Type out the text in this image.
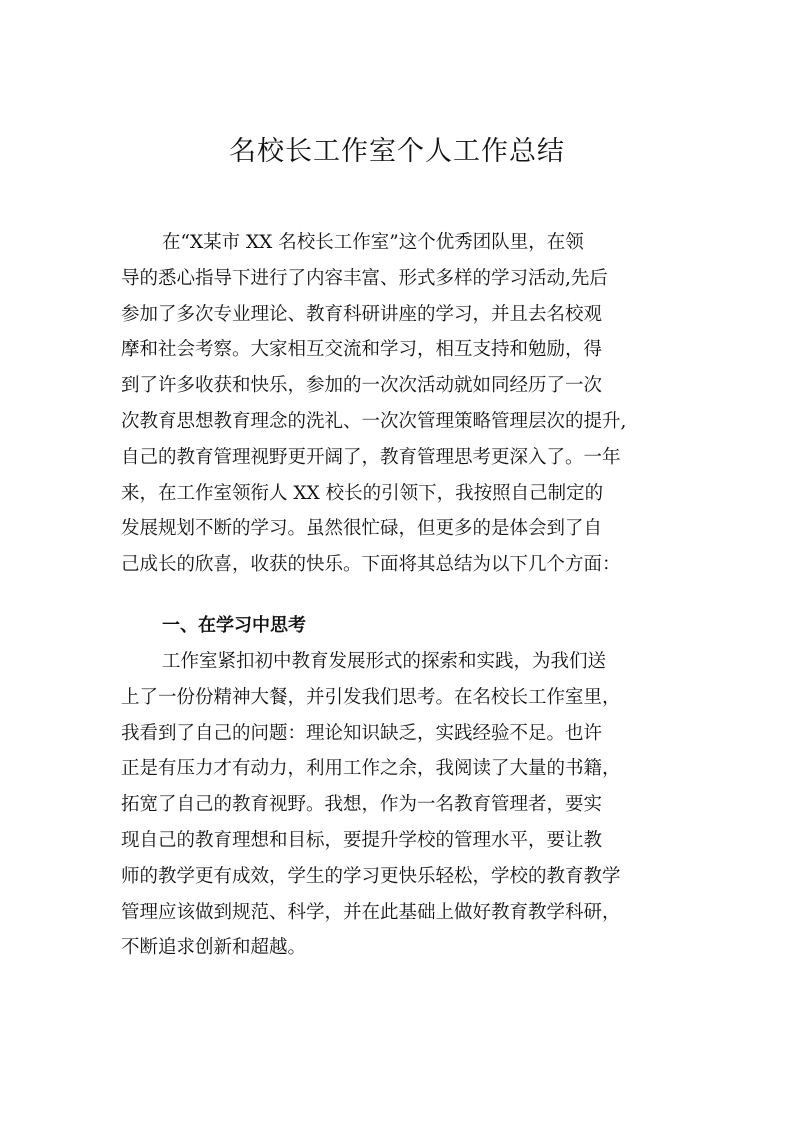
名校长工作室个人工作总结
在“X某市 XX 名校长工作室”这个优秀团队里，在领
导的悉心指导下进行了内容丰富、形式多样的学习活动,先后
参加了多次专业理论、教育科研讲座的学习，并且去名校观
摩和社会考察。大家相互交流和学习，相互支持和勉励，得
到了许多收获和快乐，参加的一次次活动就如同经历了一次
次教育思想教育理念的洗礼、一次次管理策略管理层次的提升,
自己的教育管理视野更开阔了，教育管理思考更深入了。一年
来，在工作室领衔人 XX 校长的引领下，我按照自己制定的
发展规划不断的学习。虽然很忙碌，但更多的是体会到了自
己成长的欣喜，收获的快乐。下面将其总结为以下几个方面：
一、在学习中思考
工作室紧扣初中教育发展形式的探索和实践，为我们送
上了一份份精神大餐，并引发我们思考。在名校长工作室里，
我看到了自己的问题：理论知识缺乏，实践经验不足。也许
正是有压力才有动力，利用工作之余，我阅读了大量的书籍，
拓宽了自己的教育视野。我想，作为一名教育管理者，要实
现自己的教育理想和目标，要提升学校的管理水平，要让教
师的教学更有成效，学生的学习更快乐轻松，学校的教育教学
管理应该做到规范、科学，并在此基础上做好教育教学科研，
不断追求创新和超越。
